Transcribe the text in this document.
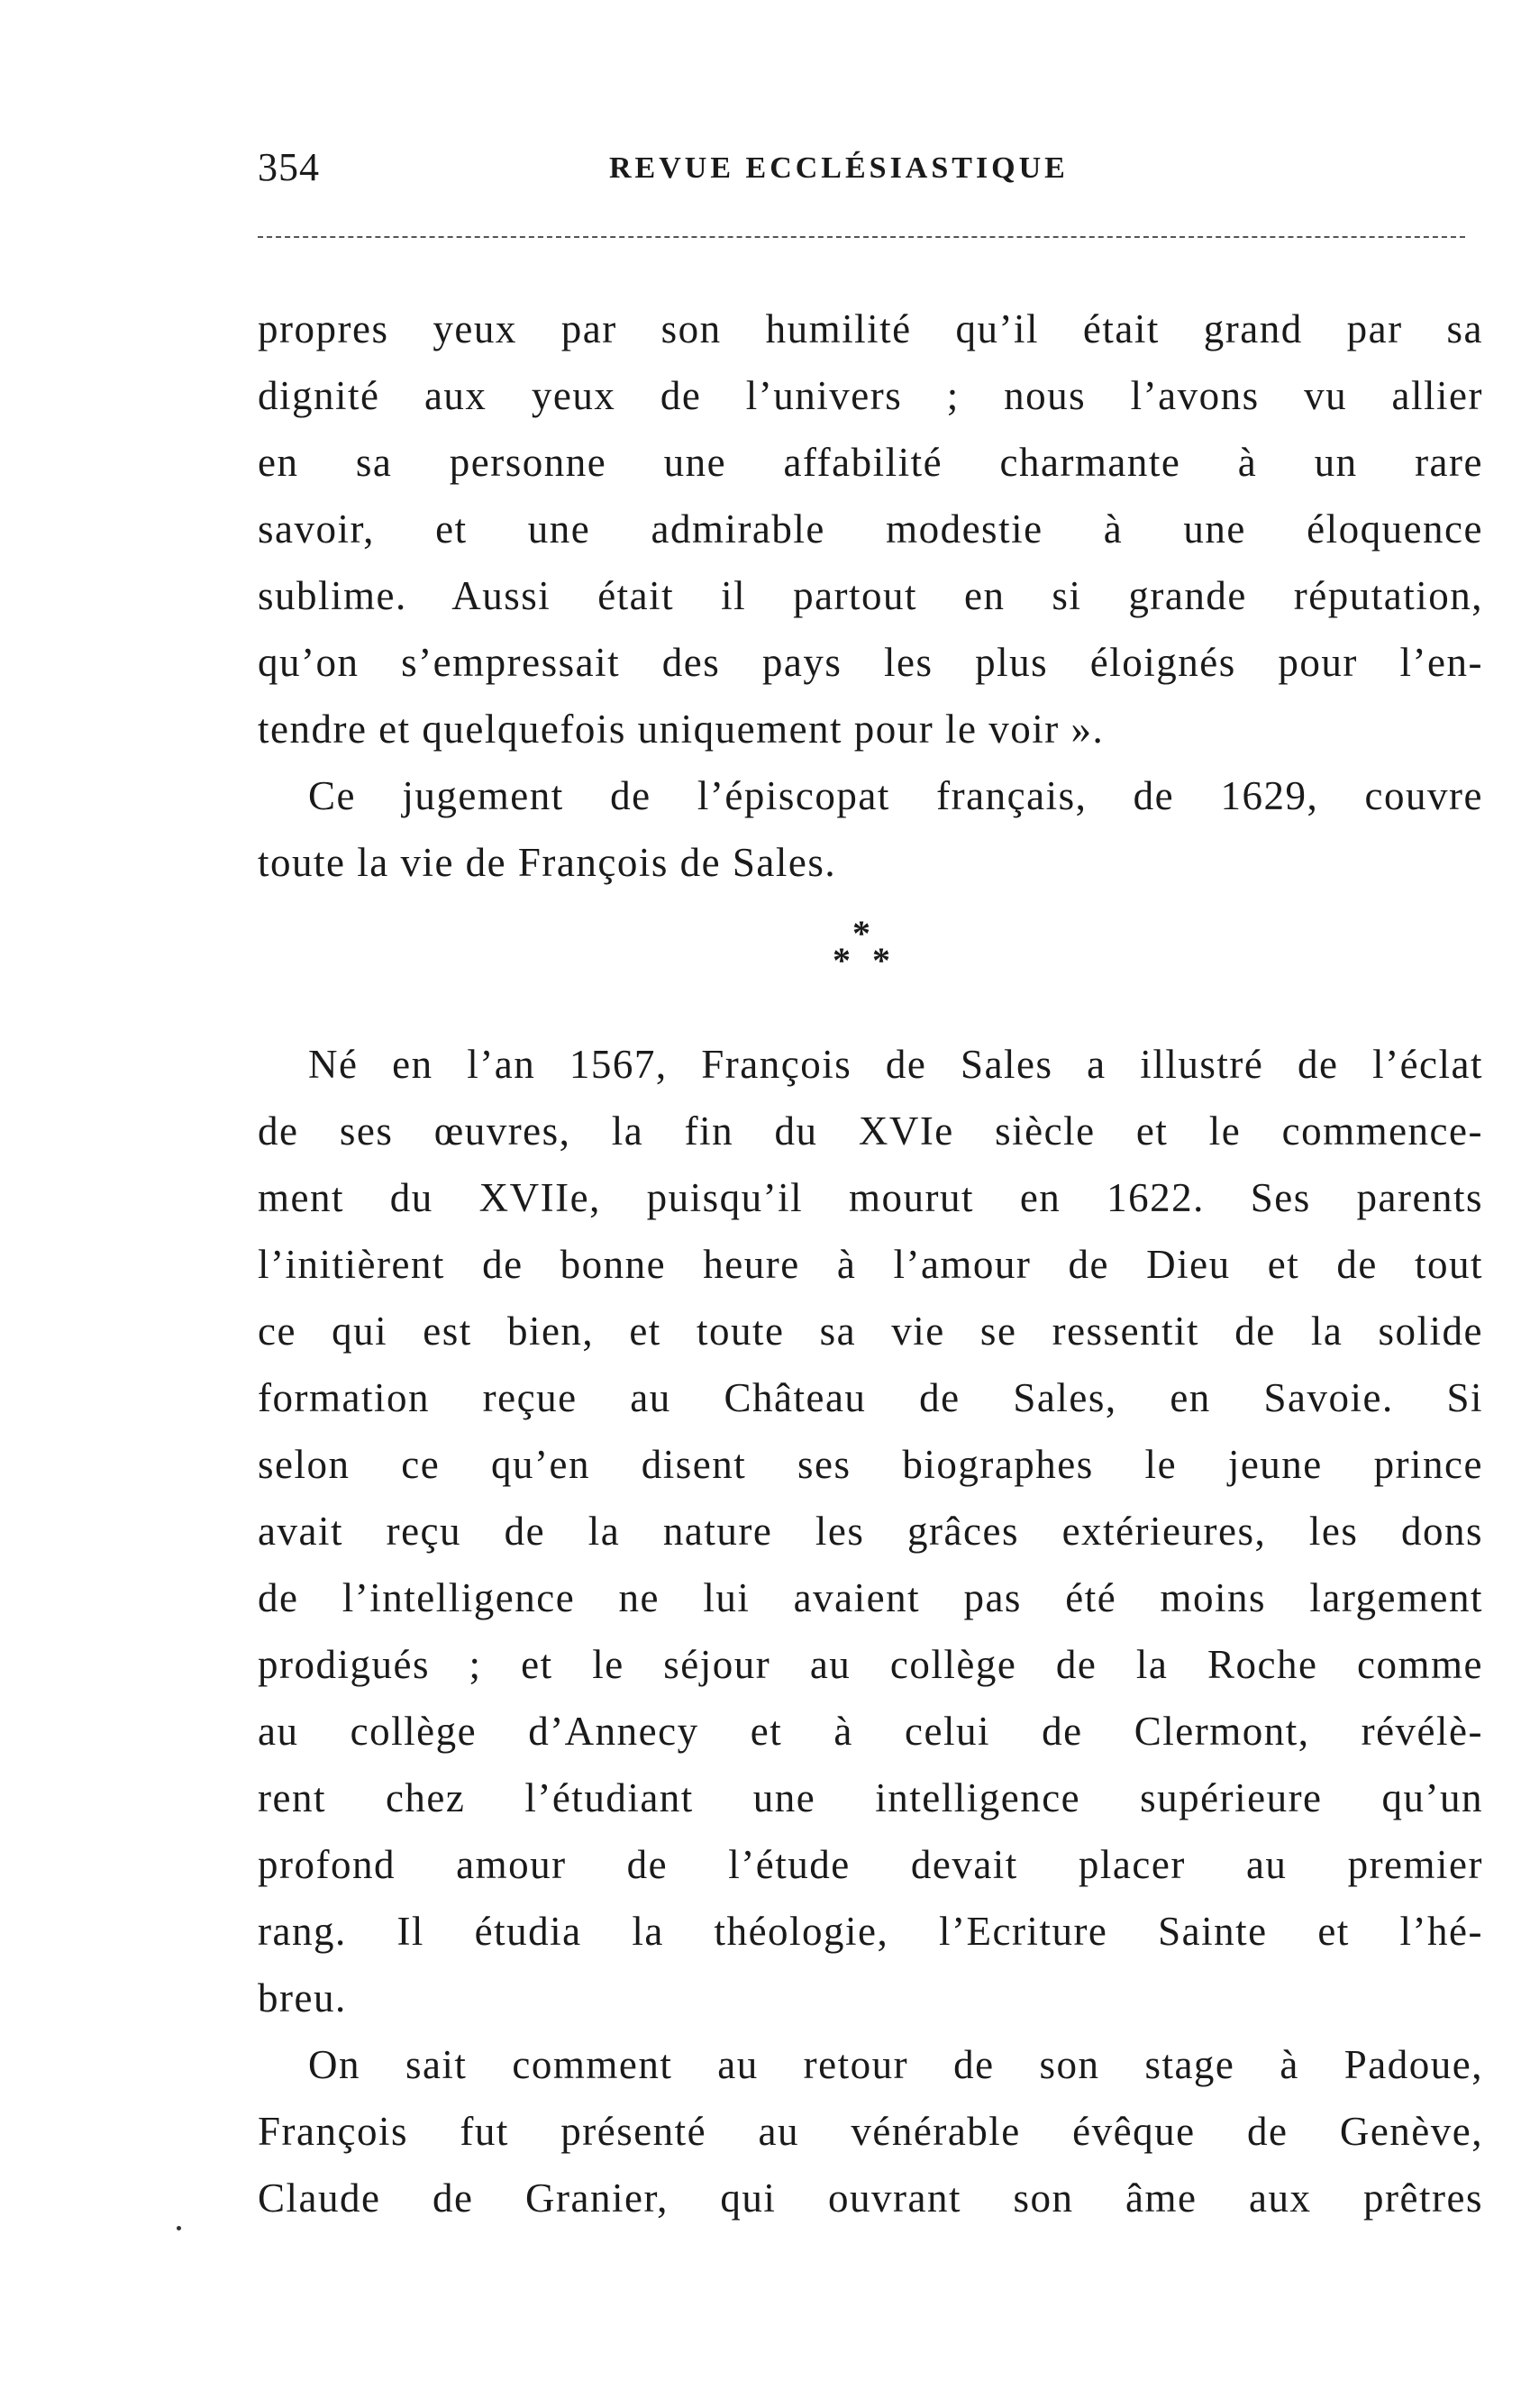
354	REVUE ECCLÉSIASTIQUE
propres yeux par son humilité qu’il était grand par sa
dignité aux yeux de l’univers ; nous l’avons vu allier
en sa personne une affabilité charmante à un rare
savoir, et une admirable modestie à une éloquence
sublime. Aussi était il partout en si grande réputation,
qu’on s’empressait des pays les plus éloignés pour l’en-
tendre et quelquefois uniquement pour le voir ».
Ce jugement de l’épiscopat français, de 1629, couvre
toute la vie de François de Sales.
*
* *
Né en l’an 1567, François de Sales a illustré de l’éclat
de ses œuvres, la fin du XVIe siècle et le commence-
ment du XVIIe, puisqu’il mourut en 1622. Ses parents
l’initièrent de bonne heure à l’amour de Dieu et de tout
ce qui est bien, et toute sa vie se ressentit de la solide
formation reçue au Château de Sales, en Savoie. Si
selon ce qu’en disent ses biographes le jeune prince
avait reçu de la nature les grâces extérieures, les dons
de l’intelligence ne lui avaient pas été moins largement
prodigués ; et le séjour au collège de la Roche comme
au collège d’Annecy et à celui de Clermont, révélè-
rent chez l’étudiant une intelligence supérieure qu’un
profond amour de l’étude devait placer au premier
rang. Il étudia la théologie, l’Ecriture Sainte et l’hé-
breu.
On sait comment au retour de son stage à Padoue,
François fut présenté au vénérable évêque de Genève,
Claude de Granier, qui ouvrant son âme aux prêtres
